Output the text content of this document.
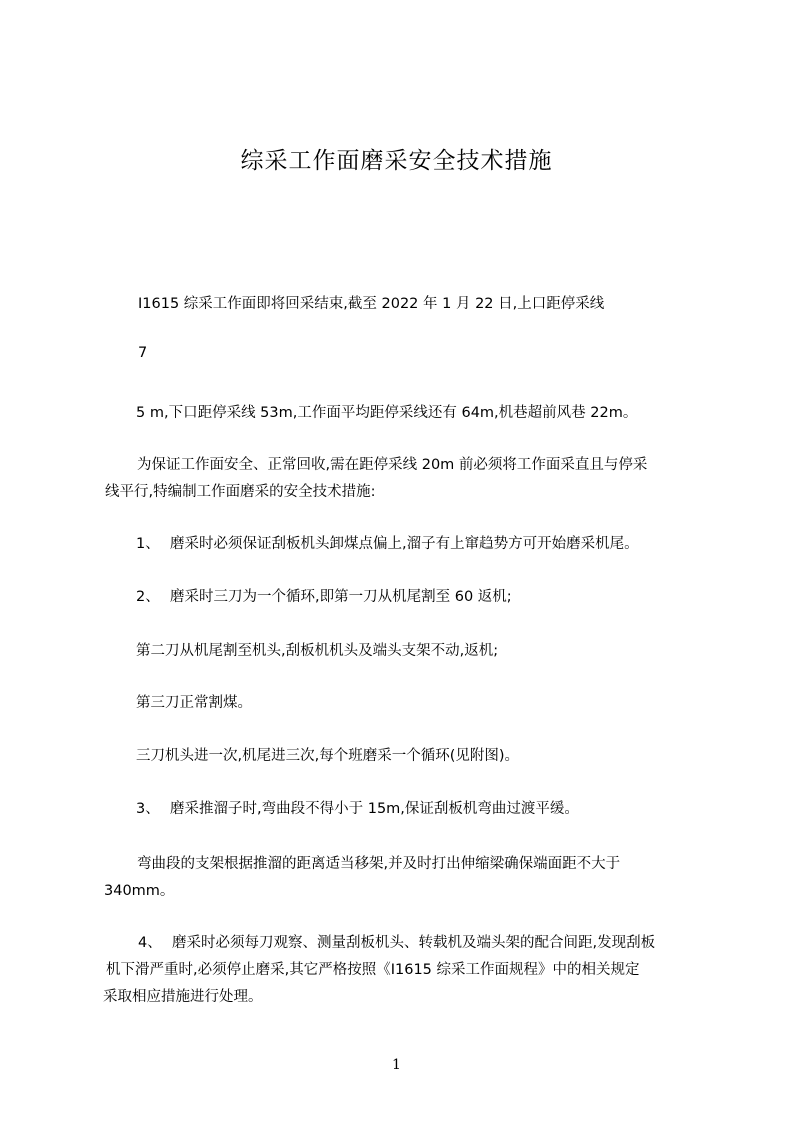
综采工作面磨采安全技术措施

I1615 综采工作面即将回采结束,截至 2022 年 1 月 22 日,上口距停采线

7

5 m,下口距停采线 53m,工作面平均距停采线还有 64m,机巷超前风巷 22m。

为保证工作面安全、正常回收,需在距停采线 20m 前必须将工作面采直且与停采

线平行,特编制工作面磨采的安全技术措施:

1、 磨采时必须保证刮板机头卸煤点偏上,溜子有上窜趋势方可开始磨采机尾。

2、 磨采时三刀为一个循环,即第一刀从机尾割至 60 返机;

第二刀从机尾割至机头,刮板机机头及端头支架不动,返机;

第三刀正常割煤。

三刀机头进一次,机尾进三次,每个班磨采一个循环(见附图)。

3、 磨采推溜子时,弯曲段不得小于 15m,保证刮板机弯曲过渡平缓。

弯曲段的支架根据推溜的距离适当移架,并及时打出伸缩梁确保端面距不大于

340mm。

4、 磨采时必须每刀观察、测量刮板机头、转载机及端头架的配合间距,发现刮板

机下滑严重时,必须停止磨采,其它严格按照《I1615 综采工作面规程》中的相关规定

采取相应措施进行处理。

1
